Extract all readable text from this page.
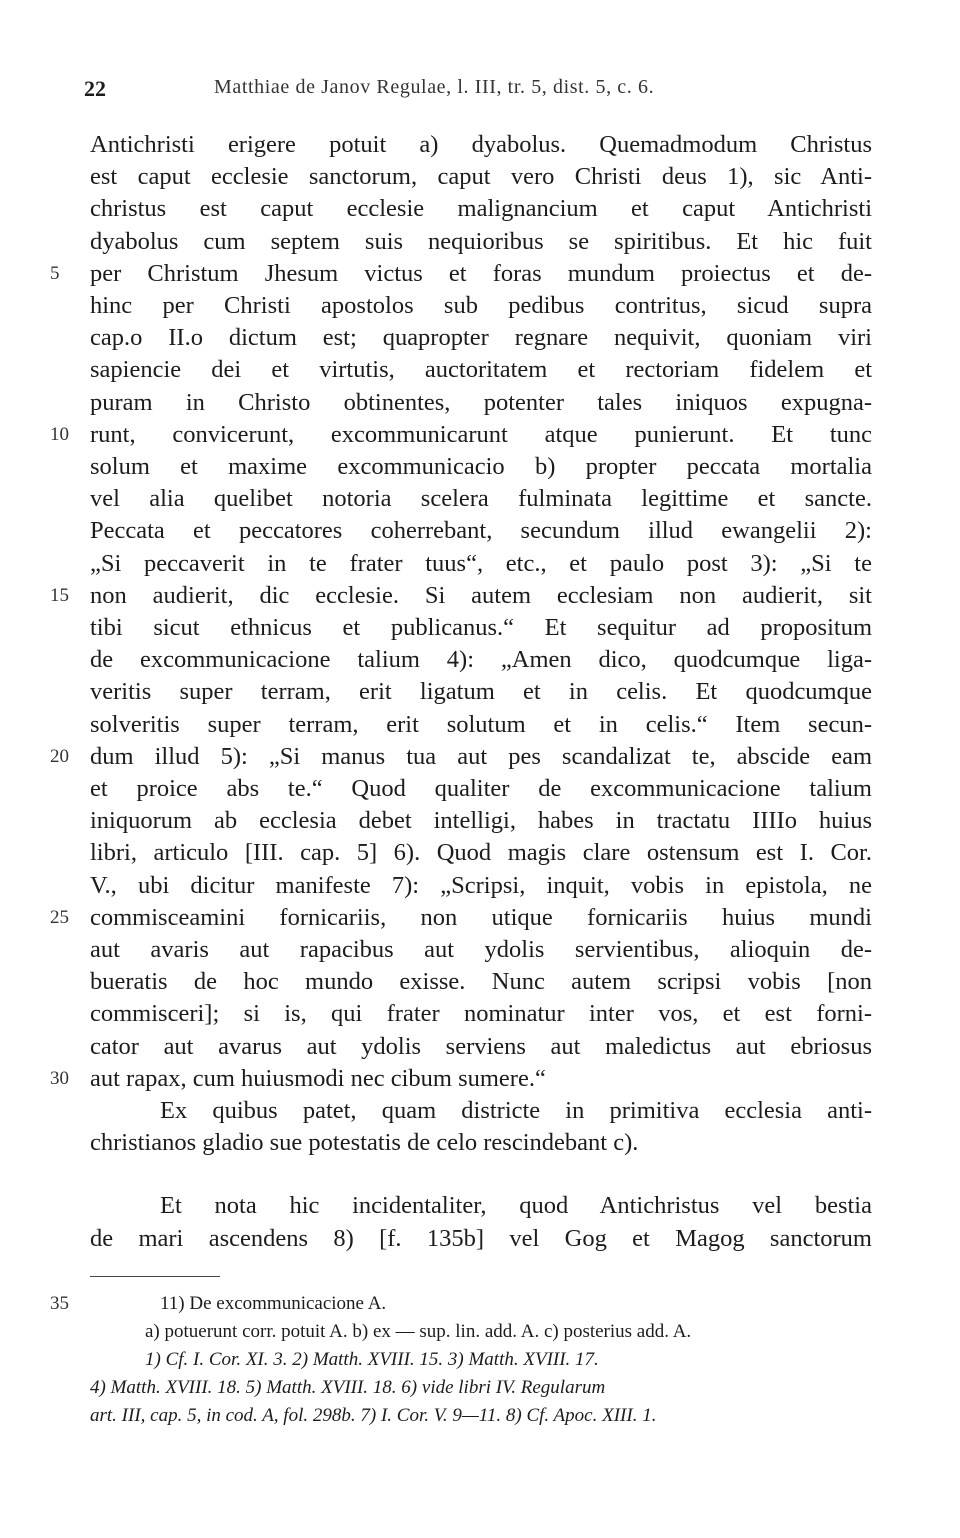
22	Matthiae de Janov Regulae, l. III, tr. 5, dist. 5, c. 6.
Antichristi erigere potuit a) dyabolus. Quemadmodum Christus
est caput ecclesie sanctorum, caput vero Christi deus 1), sic Anti-
christus est caput ecclesie malignancium et caput Antichristi
dyabolus cum septem suis nequioribus se spiritibus. Et hic fuit
per Christum Jhesum victus et foras mundum proiectus et de-
5
hinc per Christi apostolos sub pedibus contritus, sicud supra
cap.o II.o dictum est; quapropter regnare nequivit, quoniam viri
sapiencie dei et virtutis, auctoritatem et rectoriam fidelem et
puram in Christo obtinentes, potenter tales iniquos expugna-
runt, convicerunt, excommunicarunt atque punierunt. Et tunc
10
solum et maxime excommunicacio b) propter peccata mortalia
vel alia quelibet notoria scelera fulminata legittime et sancte.
Peccata et peccatores coherrebant, secundum illud ewangelii 2):
„Si peccaverit in te frater tuus“, etc., et paulo post 3): „Si te
non audierit, dic ecclesie. Si autem ecclesiam non audierit, sit
15
tibi sicut ethnicus et publicanus.“ Et sequitur ad propositum
de excommunicacione talium 4): „Amen dico, quodcumque liga-
veritis super terram, erit ligatum et in celis. Et quodcumque
solveritis super terram, erit solutum et in celis.“ Item secun-
dum illud 5): „Si manus tua aut pes scandalizat te, abscide eam
20
et proice abs te.“ Quod qualiter de excommunicacione talium
iniquorum ab ecclesia debet intelligi, habes in tractatu IIIIo huius
libri, articulo [III. cap. 5] 6). Quod magis clare ostensum est I. Cor.
V., ubi dicitur manifeste 7): „Scripsi, inquit, vobis in epistola, ne
commisceamini fornicariis, non utique fornicariis huius mundi
25
aut avaris aut rapacibus aut ydolis servientibus, alioquin de-
bueratis de hoc mundo exisse. Nunc autem scripsi vobis [non
commisceri]; si is, qui frater nominatur inter vos, et est forni-
cator aut avarus aut ydolis serviens aut maledictus aut ebriosus
aut rapax, cum huiusmodi nec cibum sumere.“
30
Ex quibus patet, quam districte in primitiva ecclesia anti-
christianos gladio sue potestatis de celo rescindebant c).
Et nota hic incidentaliter, quod Antichristus vel bestia
de mari ascendens 8) [f. 135b] vel Gog et Magog sanctorum
35	11) De excommunicacione A.
a) potuerunt corr. potuit A. b) ex — sup. lin. add. A. c) posterius add. A.
1) Cf. I. Cor. XI. 3. 2) Matth. XVIII. 15. 3) Matth. XVIII. 17.
4) Matth. XVIII. 18. 5) Matth. XVIII. 18. 6) vide libri IV. Regularum
art. III, cap. 5, in cod. A, fol. 298b. 7) I. Cor. V. 9—11. 8) Cf. Apoc. XIII. 1.
